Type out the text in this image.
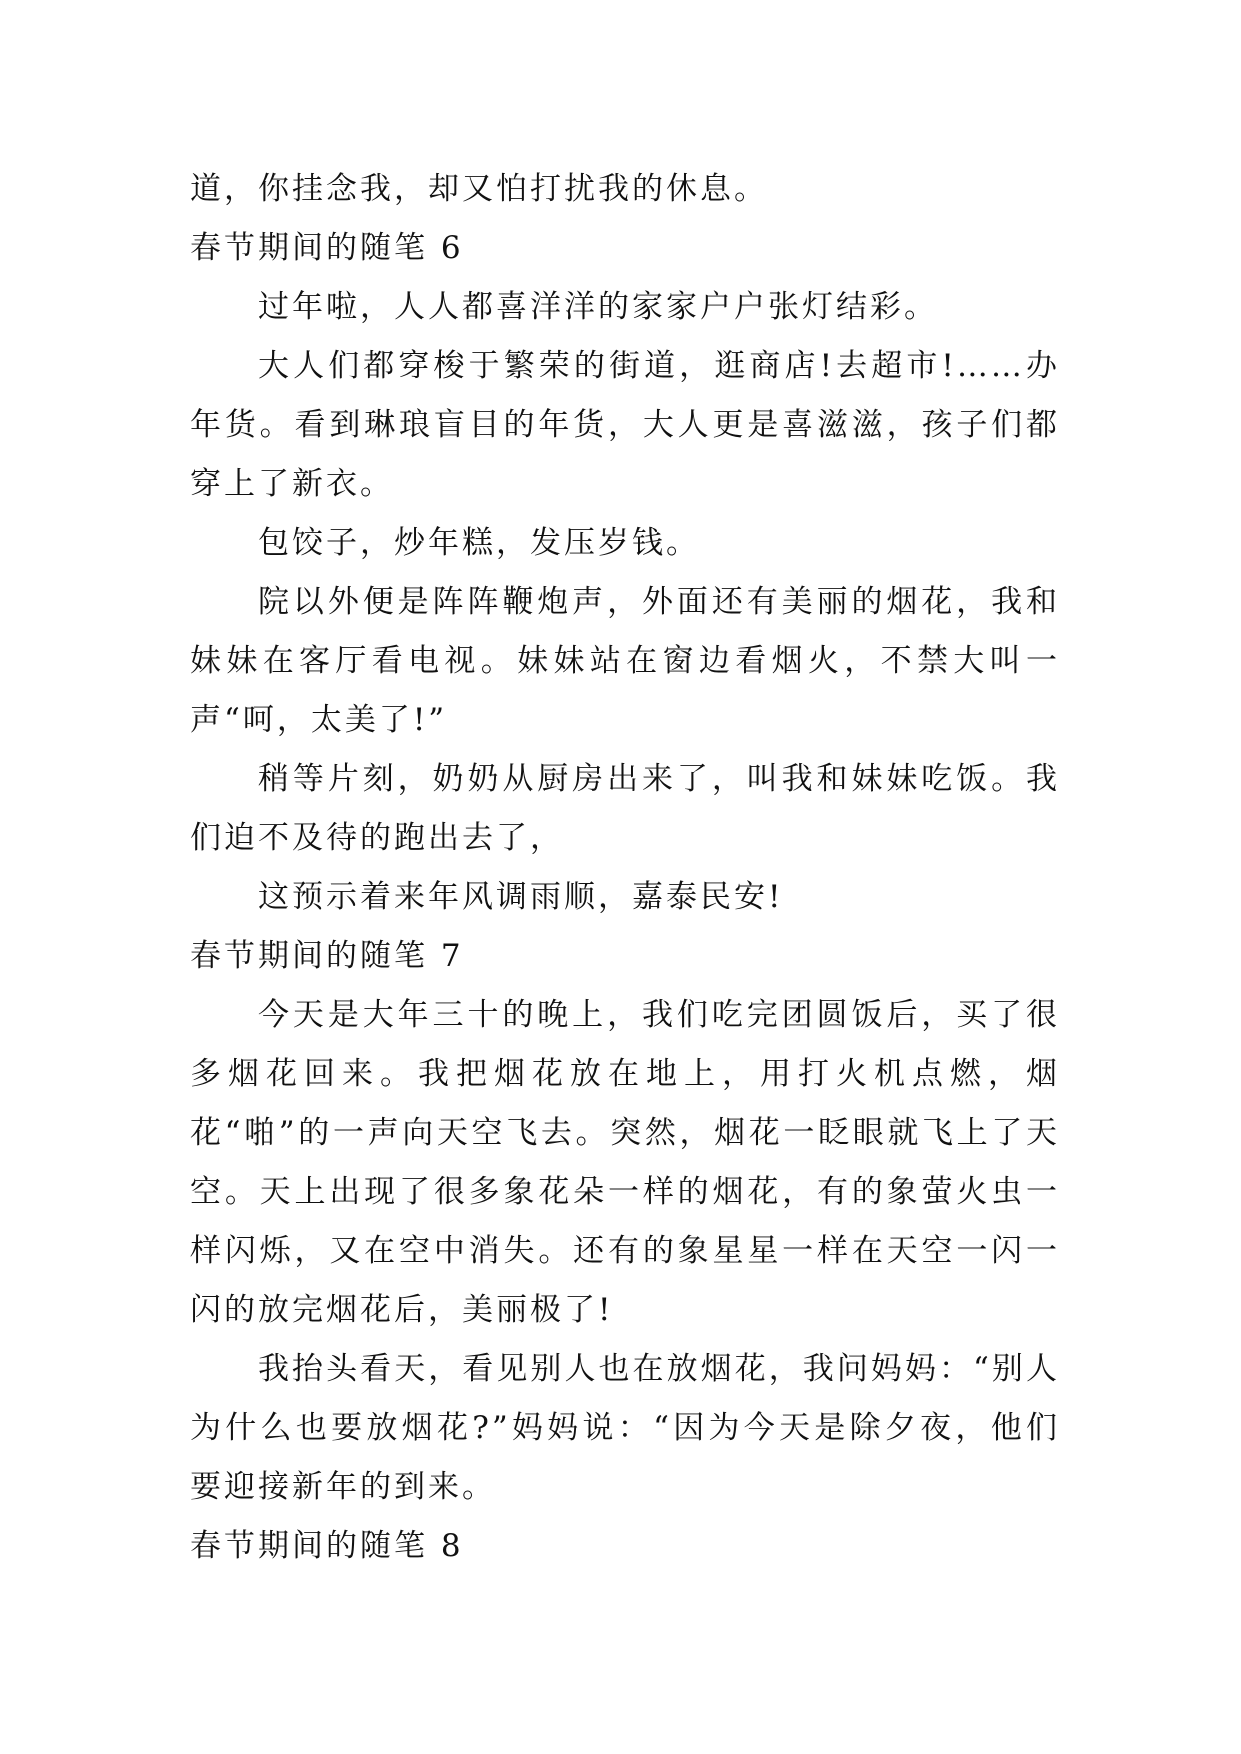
道，你挂念我，却又怕打扰我的休息。

春节期间的随笔 6

过年啦，人人都喜洋洋的家家户户张灯结彩。

大人们都穿梭于繁荣的街道，逛商店!去超市!……办年货。看到琳琅盲目的年货，大人更是喜滋滋，孩子们都穿上了新衣。

包饺子，炒年糕，发压岁钱。

院以外便是阵阵鞭炮声，外面还有美丽的烟花，我和妹妹在客厅看电视。妹妹站在窗边看烟火，不禁大叫一声“呵，太美了!”

稍等片刻，奶奶从厨房出来了，叫我和妹妹吃饭。我们迫不及待的跑出去了，

这预示着来年风调雨顺，嘉泰民安!

春节期间的随笔 7

今天是大年三十的晚上，我们吃完团圆饭后，买了很多烟花回来。我把烟花放在地上，用打火机点燃，烟花“啪”的一声向天空飞去。突然，烟花一眨眼就飞上了天空。天上出现了很多象花朵一样的烟花，有的象萤火虫一样闪烁，又在空中消失。还有的象星星一样在天空一闪一闪的放完烟花后，美丽极了!

我抬头看天，看见别人也在放烟花，我问妈妈：“别人为什么也要放烟花?”妈妈说：“因为今天是除夕夜，他们要迎接新年的到来。

春节期间的随笔 8
